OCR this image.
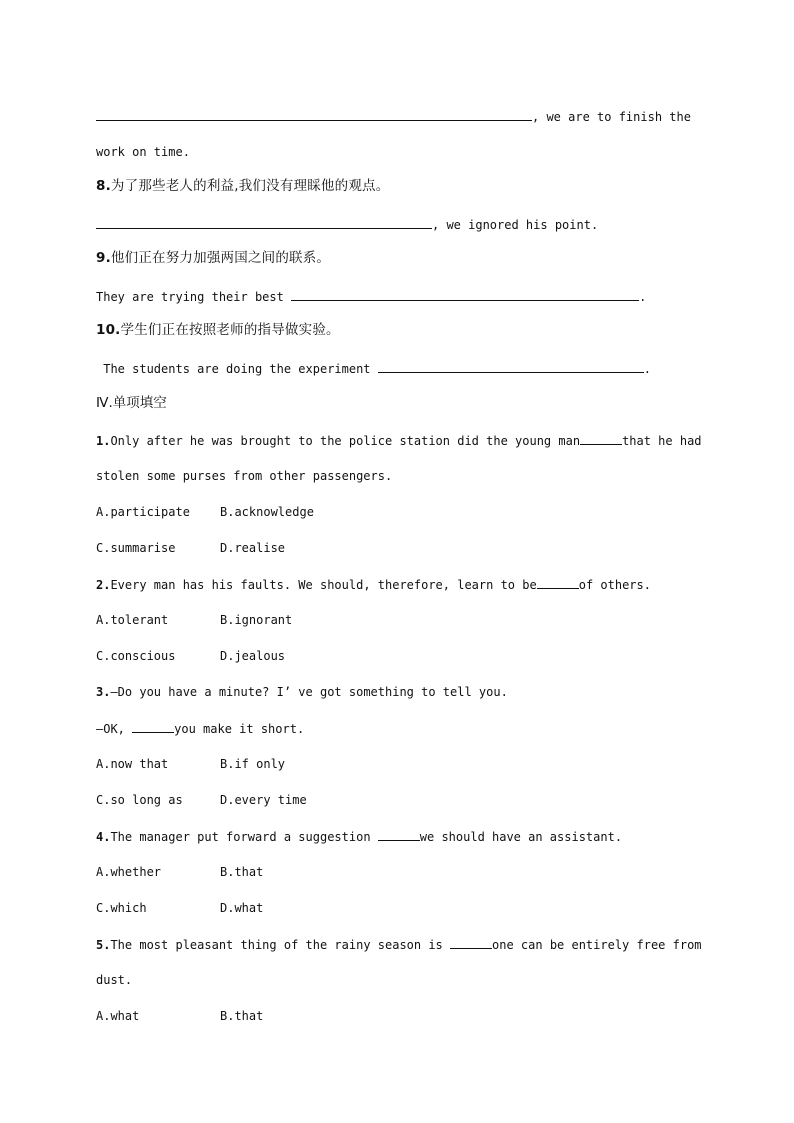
, we are to finish the
work on time.
8.为了那些老人的利益,我们没有理睬他的观点。
, we ignored his point.
9.他们正在努力加强两国之间的联系。
They are trying their best	.
10.学生们正在按照老师的指导做实验。
The students are doing the experiment	.
Ⅳ.单项填空
1.Only after he was brought to the police station did the young man	that he had
stolen some purses from other passengers.
A.participate	B.acknowledge
C.summarise	D.realise
2.Every man has his faults. We should, therefore, learn to be	of others.
A.tolerant	B.ignorant
C.conscious	D.jealous
3.—Do you have a minute? I’ ve got something to tell you.
—OK,	you make it short.
A.now that	B.if only
C.so long as	D.every time
4.The manager put forward a suggestion	we should have an assistant.
A.whether	B.that
C.which	D.what
5.The most pleasant thing of the rainy season is	one can be entirely free from
dust.
A.what	B.that
